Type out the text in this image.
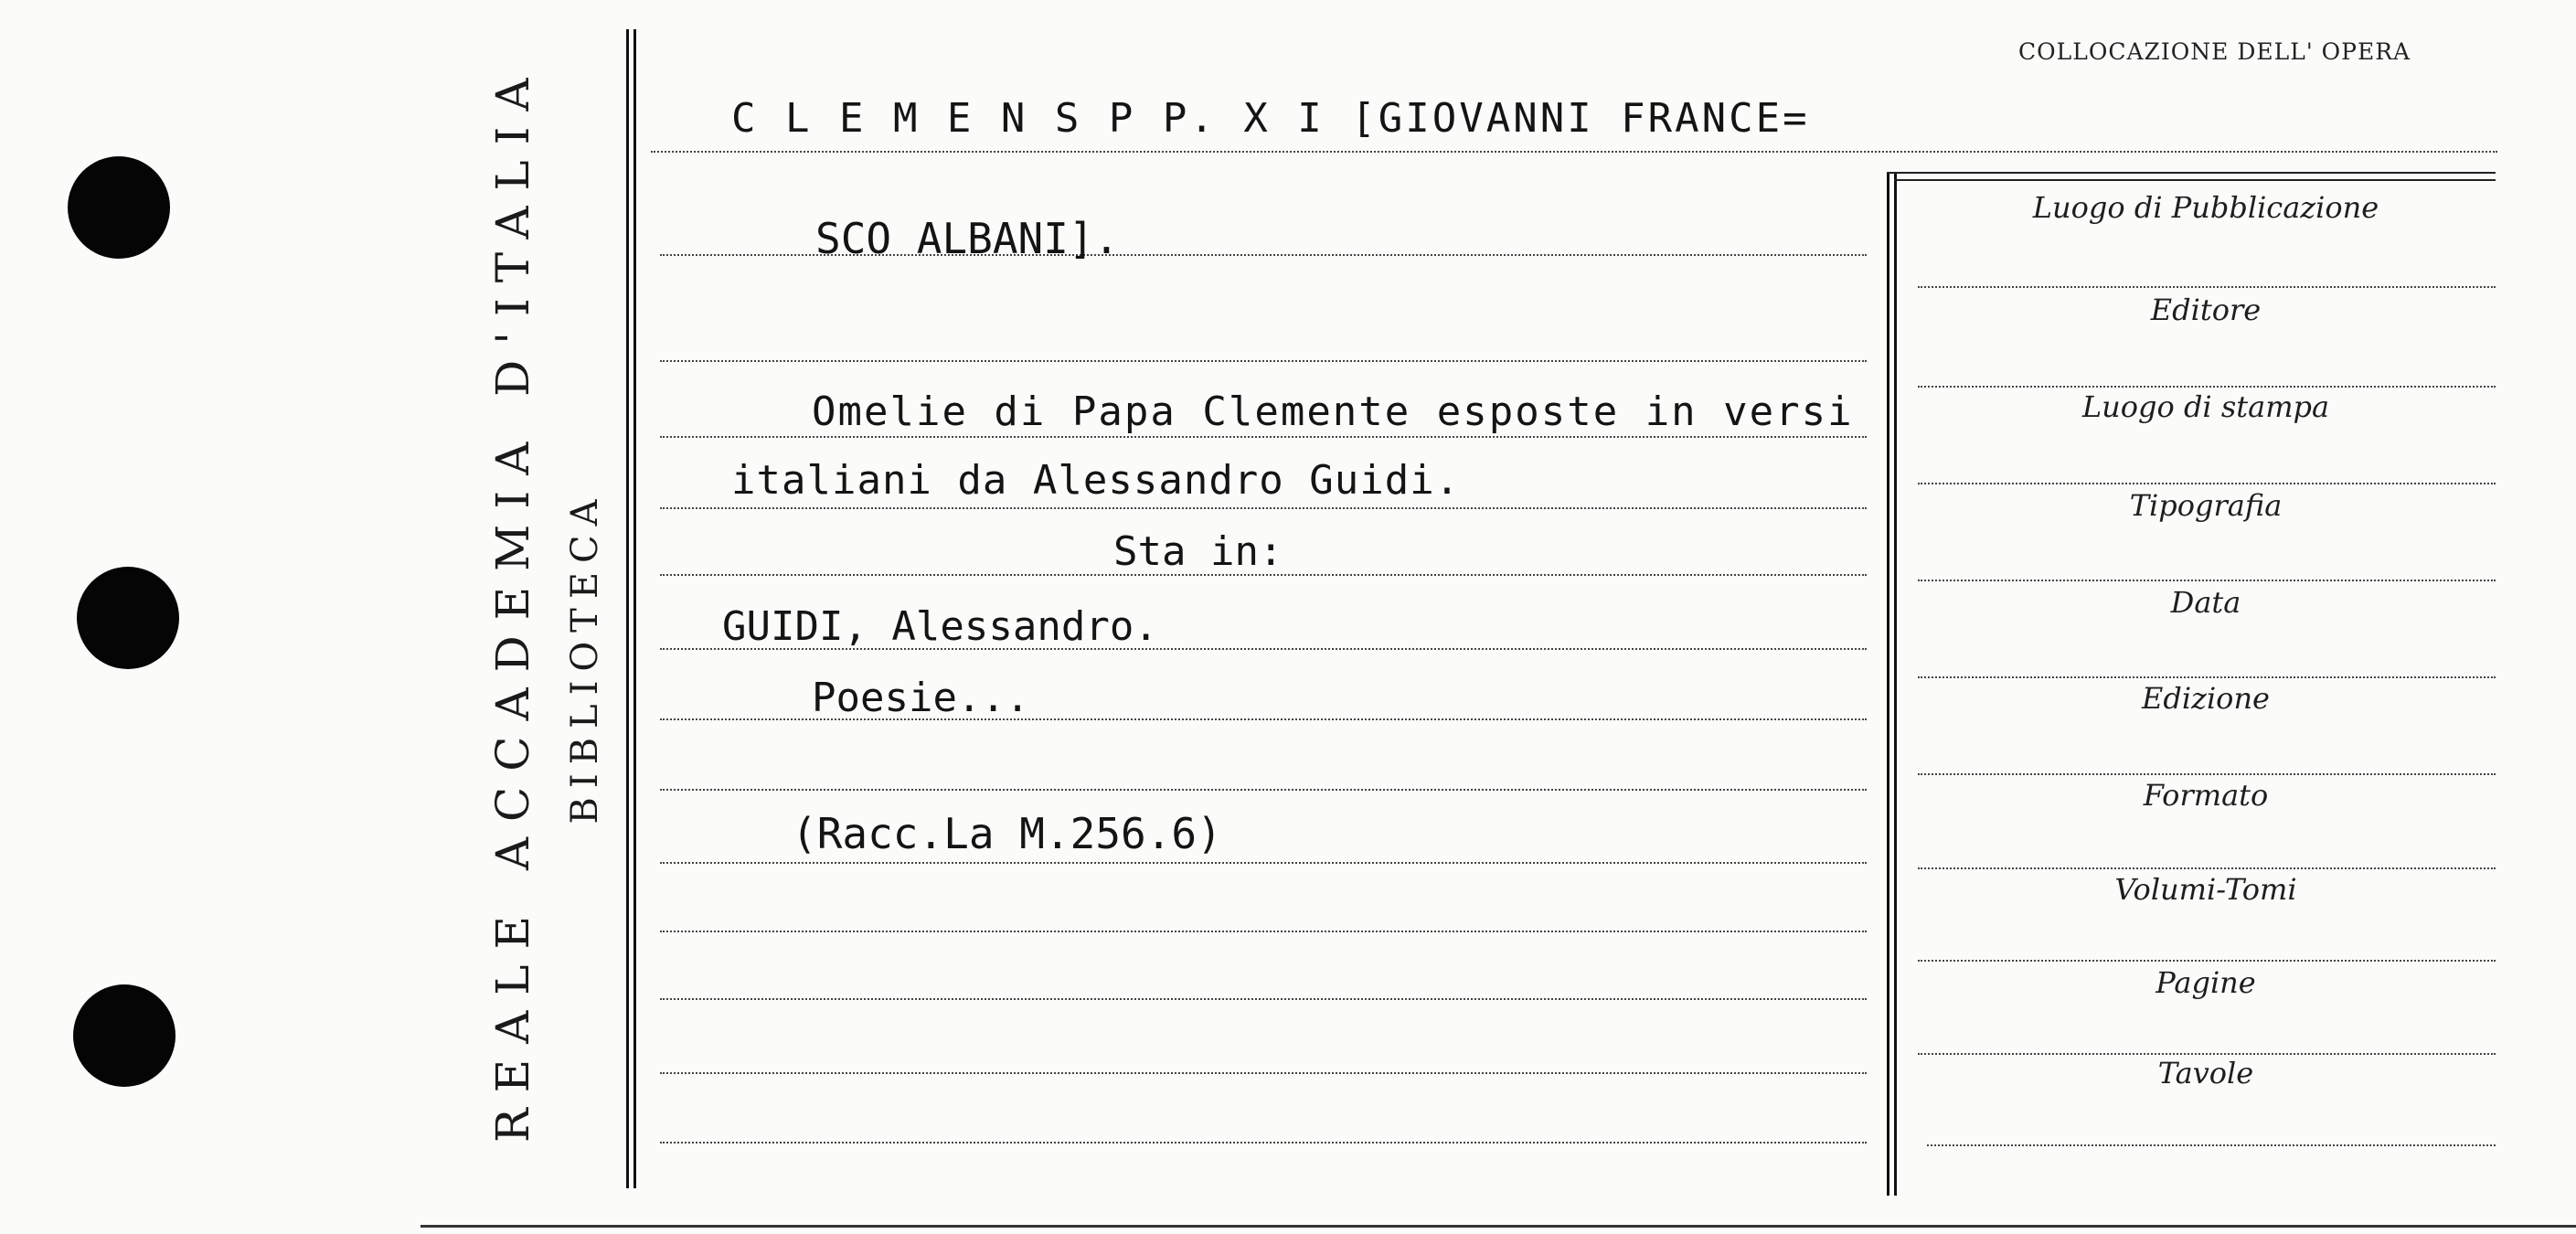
REALE ACCADEMIA D'ITALIA BIBLIOTECA
COLLOCAZIONE DELL' OPERA
C L E M E N S P P. X I [GIOVANNI FRANCE=
SCO ALBANI].
Omelie di Papa Clemente esposte in versi
italiani da Alessandro Guidi.
Sta in:
GUIDI, Alessandro.
Poesie...
(Racc.La M.256.6)
Luogo di Pubblicazione
Editore
Luogo di stampa
Tipografia
Data
Edizione
Formato
Volumi-Tomi
Pagine
Tavole
